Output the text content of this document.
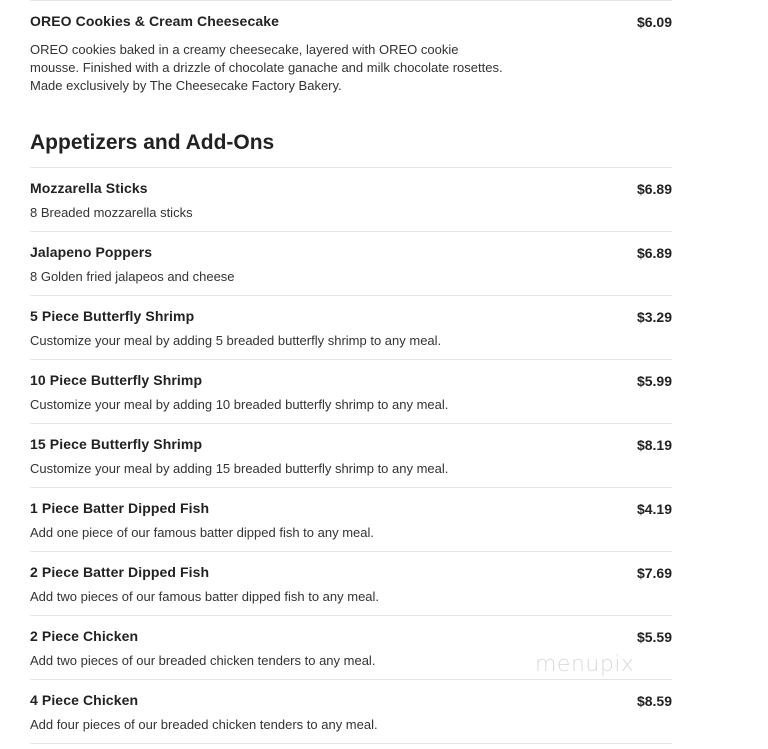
OREO Cookies & Cream Cheesecake	$6.09
OREO cookies baked in a creamy cheesecake, layered with OREO cookie mousse. Finished with a drizzle of chocolate ganache and milk chocolate rosettes. Made exclusively by The Cheesecake Factory Bakery.
Appetizers and Add-Ons
Mozzarella Sticks	$6.89
8 Breaded mozzarella sticks
Jalapeno Poppers	$6.89
8 Golden fried jalapeos and cheese
5 Piece Butterfly Shrimp	$3.29
Customize your meal by adding 5 breaded butterfly shrimp to any meal.
10 Piece Butterfly Shrimp	$5.99
Customize your meal by adding 10 breaded butterfly shrimp to any meal.
15 Piece Butterfly Shrimp	$8.19
Customize your meal by adding 15 breaded butterfly shrimp to any meal.
1 Piece Batter Dipped Fish	$4.19
Add one piece of our famous batter dipped fish to any meal.
2 Piece Batter Dipped Fish	$7.69
Add two pieces of our famous batter dipped fish to any meal.
2 Piece Chicken	$5.59
Add two pieces of our breaded chicken tenders to any meal.
4 Piece Chicken	$8.59
Add four pieces of our breaded chicken tenders to any meal.
menupix
